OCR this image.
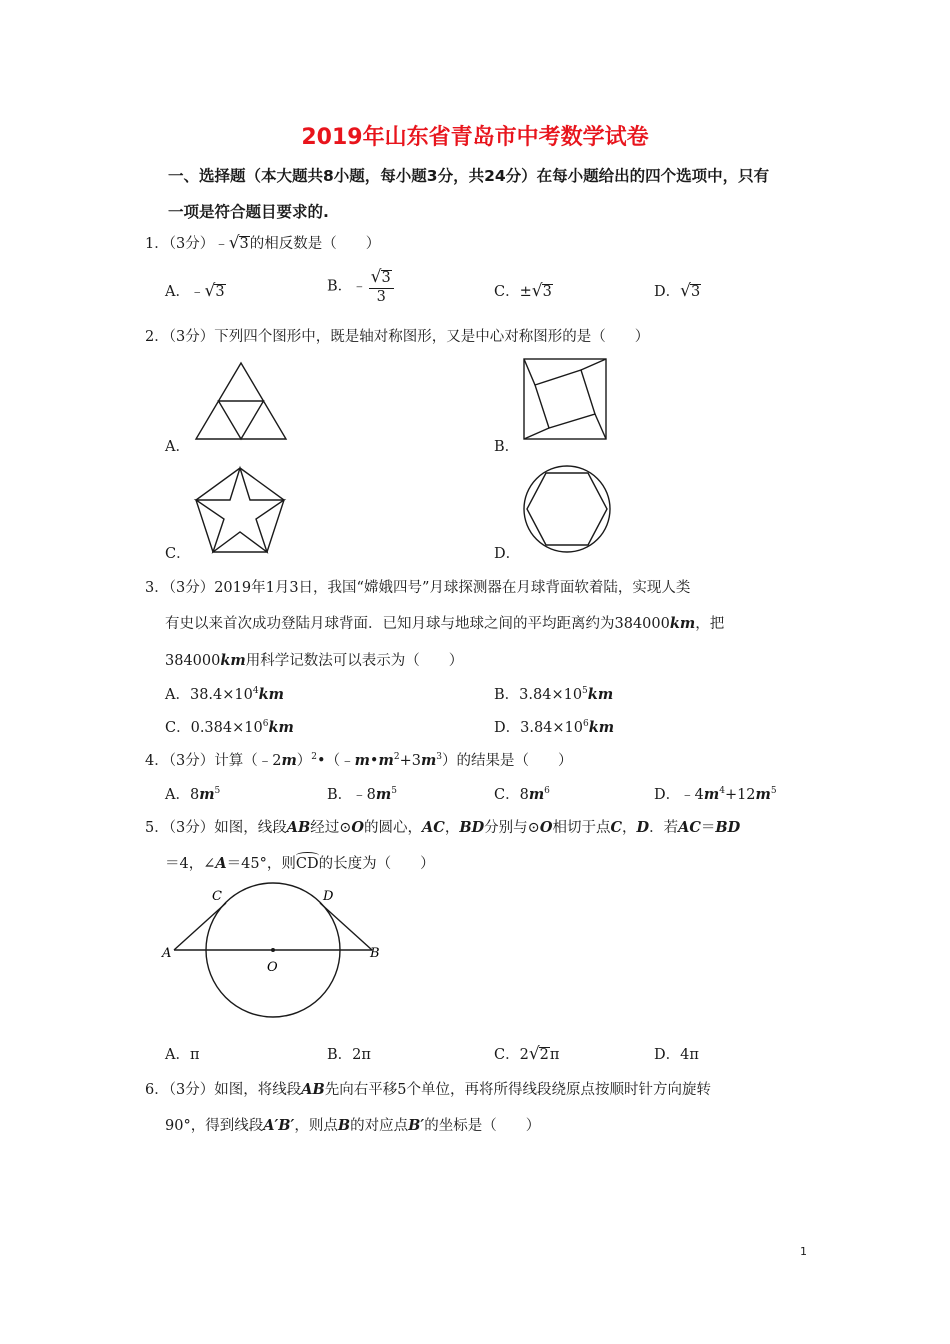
2019年山东省青岛市中考数学试卷
一、选择题（本大题共8小题，每小题3分，共24分）在每小题给出的四个选项中，只有
一项是符合题目要求的.
1．（3分）﹣√3的相反数是（　　）
A．﹣√3	B．﹣ $\frac{√3}{3}$	C．±√3	D．√3
2．（3分）下列四个图形中，既是轴对称图形，又是中心对称图形的是（　　）
A．	B．
C．	D．
3．（3分）2019年1月3日，我国“嫦娥四号”月球探测器在月球背面软着陆，实现人类
有史以来首次成功登陆月球背面．已知月球与地球之间的平均距离约为384000km，把
384000km用科学记数法可以表示为（　　）
A．$38.4\times 10^4km$	B．$3.84\times 10^5km$
C．$0.384\times 10^6km$	D．$3.84\times 10^6km$
4．（3分）计算$(﹣2m)^2•(﹣m•m^2+3m^3)$的结果是（　　）
A．$8m^5$	B．$﹣8m^5$	C．$8m^6$	D．$﹣4m^4+12m^5$
5．（3分）如图，线段AB经过⊙O的圆心，AC，BD分别与⊙O相切于点C，D．若AC＝BD
＝4，∠A＝45°，则CD的长度为（　　）
A	B
C	D
O
A．π	B．2π	C．2√2π	D．4π
6．（3分）如图，将线段AB先向右平移5个单位，再将所得线段绕原点按顺时针方向旋转
90°，得到线段A′B′，则点B的对应点B′的坐标是（　　）
1
